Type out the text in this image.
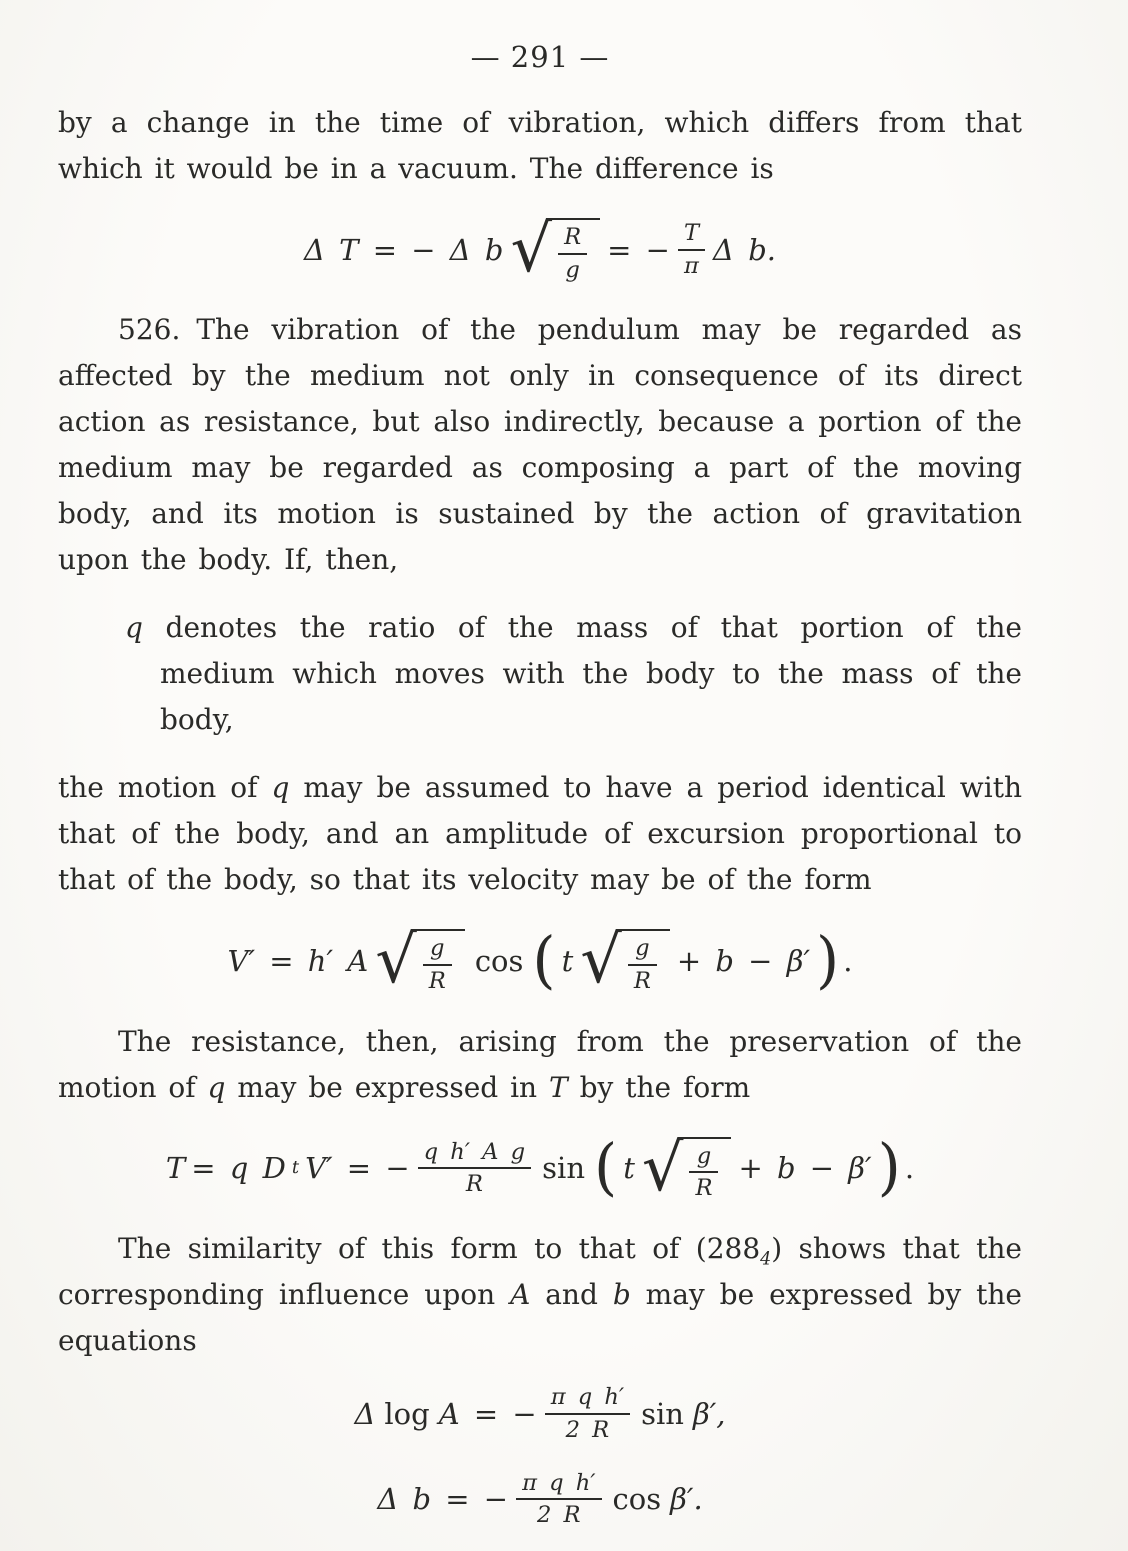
— 291 —

by a change in the time of vibration, which differs from that which it would be in a vacuum. The difference is

Δ T = − Δ b √ $\frac{R}{g}$ = − $\frac{T}{\pi}$ Δ b.

526. The vibration of the pendulum may be regarded as affected by the medium not only in consequence of its direct action as resistance, but also indirectly, because a portion of the medium may be regarded as composing a part of the moving body, and its motion is sustained by the action of gravitation upon the body. If, then,

q denotes the ratio of the mass of that portion of the medium which moves with the body to the mass of the body,

the motion of q may be assumed to have a period identical with that of the body, and an amplitude of excursion proportional to that of the body, so that its velocity may be of the form

V′ = h′ A √ $\frac{g}{R}$ cos ( t √ $\frac{g}{R} + b - \beta'$ ) .

The resistance, then, arising from the preservation of the motion of q may be expressed in T by the form

T = q D t V′ = − $\frac{\text{q h′ A g}}{R}$ sin ( t √ $\frac{g}{R} + b - \beta'$ ) .

The similarity of this form to that of $(288_4)$ shows that the corresponding influence upon A and b may be expressed by the equations

Δ log A = − $\frac{\text{π q h′}}{2 R}$ sin β′,
Δ b = − $\frac{\text{π q h′}}{2 R}$ cos β′.
